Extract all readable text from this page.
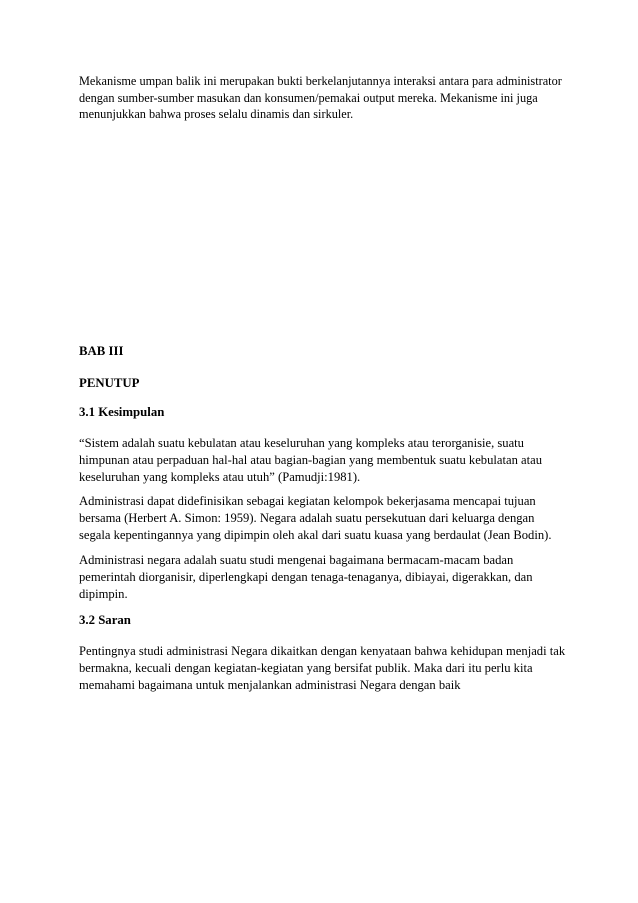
Mekanisme umpan balik ini merupakan bukti berkelanjutannya interaksi antara para administrator dengan sumber-sumber masukan dan konsumen/pemakai output mereka. Mekanisme ini juga menunjukkan bahwa proses selalu dinamis dan sirkuler.

BAB III

PENUTUP

3.1 Kesimpulan

“Sistem adalah suatu kebulatan atau keseluruhan yang kompleks atau terorganisie, suatu himpunan atau perpaduan hal-hal atau bagian-bagian yang membentuk suatu kebulatan atau keseluruhan yang kompleks atau utuh” (Pamudji:1981).

Administrasi dapat didefinisikan sebagai kegiatan kelompok bekerjasama mencapai tujuan bersama (Herbert A. Simon: 1959). Negara adalah suatu persekutuan dari keluarga dengan segala kepentingannya yang dipimpin oleh akal dari suatu kuasa yang berdaulat (Jean Bodin).

Administrasi negara adalah suatu studi mengenai bagaimana bermacam-macam badan pemerintah diorganisir, diperlengkapi dengan tenaga-tenaganya, dibiayai, digerakkan, dan dipimpin.

3.2 Saran

Pentingnya studi administrasi Negara dikaitkan dengan kenyataan bahwa kehidupan menjadi tak bermakna, kecuali dengan kegiatan-kegiatan yang bersifat publik. Maka dari itu perlu kita memahami bagaimana untuk menjalankan administrasi Negara dengan baik
